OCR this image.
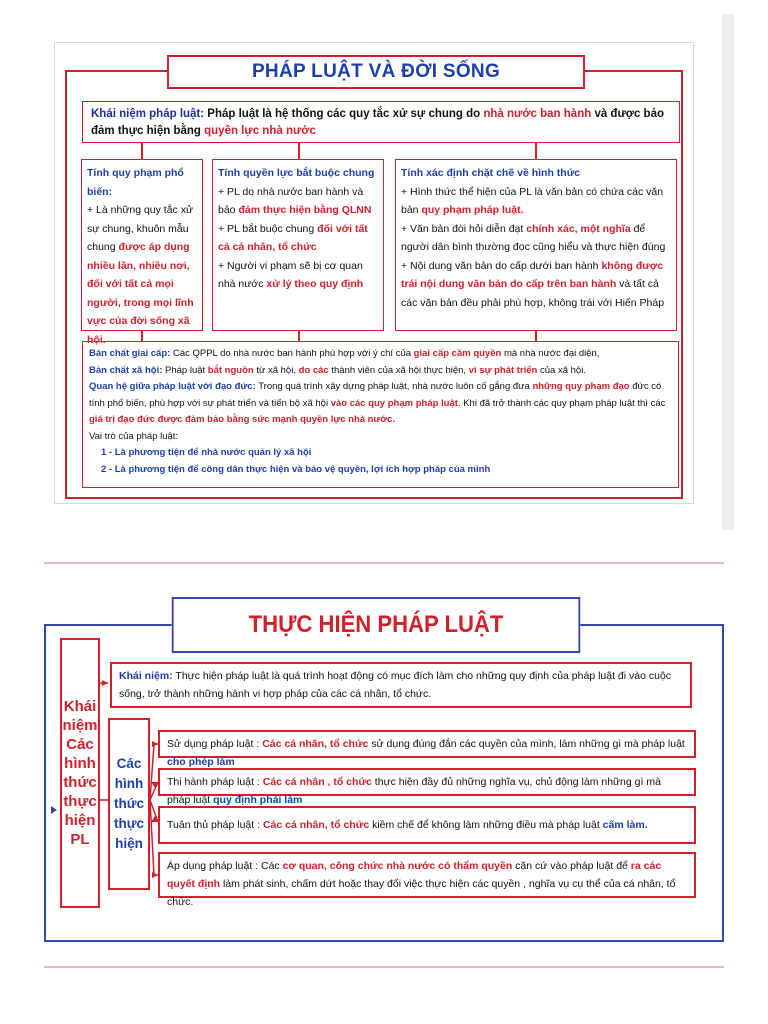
PHÁP LUẬT VÀ ĐỜI SỐNG
Khái niệm pháp luật: Pháp luật là hệ thống các quy tắc xử sự chung do nhà nước ban hành và được bảo đảm thực hiện bằng quyền lực nhà nước
Tính quy phạm phổ biến:
+ Là những quy tắc xử sự chung, khuôn mẫu chung được áp dụng nhiều lần, nhiều nơi, đối với tất cả mọi người, trong mọi lĩnh vực của đời sống xã hội.
Tính quyền lực bắt buộc chung
+ PL do nhà nước ban hành và bảo đảm thực hiện bằng QLNN
+ PL bắt buộc chung đối với tất cả cá nhân, tổ chức
+ Người vi phạm sẽ bị cơ quan nhà nước xử lý theo quy định
Tính xác định chặt chẽ về hình thức
+ Hình thức thể hiện của PL là văn bản có chứa các văn bản quy phạm pháp luật.
+ Văn bản đòi hỏi diễn đạt chính xác, một nghĩa để người dân bình thường đọc cũng hiểu và thực hiện đúng
+ Nội dung văn bản do cấp dưới ban hành không được trái nội dung văn bản do cấp trên ban hành và tất cả các văn bản đều phải phù hợp, không trái với Hiến Pháp
Bản chất giai cấp: Các QPPL do nhà nước ban hành phù hợp với ý chí của giai cấp cầm quyền mà nhà nước đại diện,
Bản chất xã hội: Pháp luật bắt nguồn từ xã hội, do các thành viên của xã hội thực hiện, vì sự phát triển của xã hội.
Quan hệ giữa pháp luật với đạo đức: Trong quá trình xây dựng pháp luật, nhà nước luôn cố gắng đưa những quy phạm đạo đức có tính phổ biến, phù hợp với sự phát triển và tiến bộ xã hội vào các quy phạm pháp luật. Khi đã trở thành các quy phạm pháp luật thì các giá trị đạo đức được đảm bảo bằng sức mạnh quyền lực nhà nước.
Vai trò của pháp luật:
1 - Là phương tiện để nhà nước quản lý xã hội
2 - Là phương tiện để công dân thực hiện và bảo vệ quyền, lợi ích hợp pháp của mình
THỰC HIỆN PHÁP LUẬT
Khái niệm Các hình thức thực hiện PL
Các hình thức thực hiện
Khái niệm: Thực hiện pháp luật là quá trình hoạt động có mục đích làm cho những quy định của pháp luật đi vào cuộc sống, trở thành những hành vi hợp pháp của các cá nhân, tổ chức.
Sử dụng pháp luật : Các cá nhân, tổ chức sử dụng đúng đắn các quyền của mình, làm những gì mà pháp luật cho phép làm
Thi hành pháp luật : Các cá nhân , tổ chức thực hiện đầy đủ những nghĩa vụ, chủ động làm những gì mà pháp luật quy định phải làm
Tuân thủ pháp luật : Các cá nhân, tổ chức kiềm chế để không làm những điều mà pháp luật cấm làm.
Áp dụng pháp luật : Các cơ quan, công chức nhà nước có thẩm quyền căn cứ vào pháp luật để ra các quyết định làm phát sinh, chấm dứt hoặc thay đổi việc thực hiện các quyền , nghĩa vụ cụ thể của cá nhân, tổ chức.
